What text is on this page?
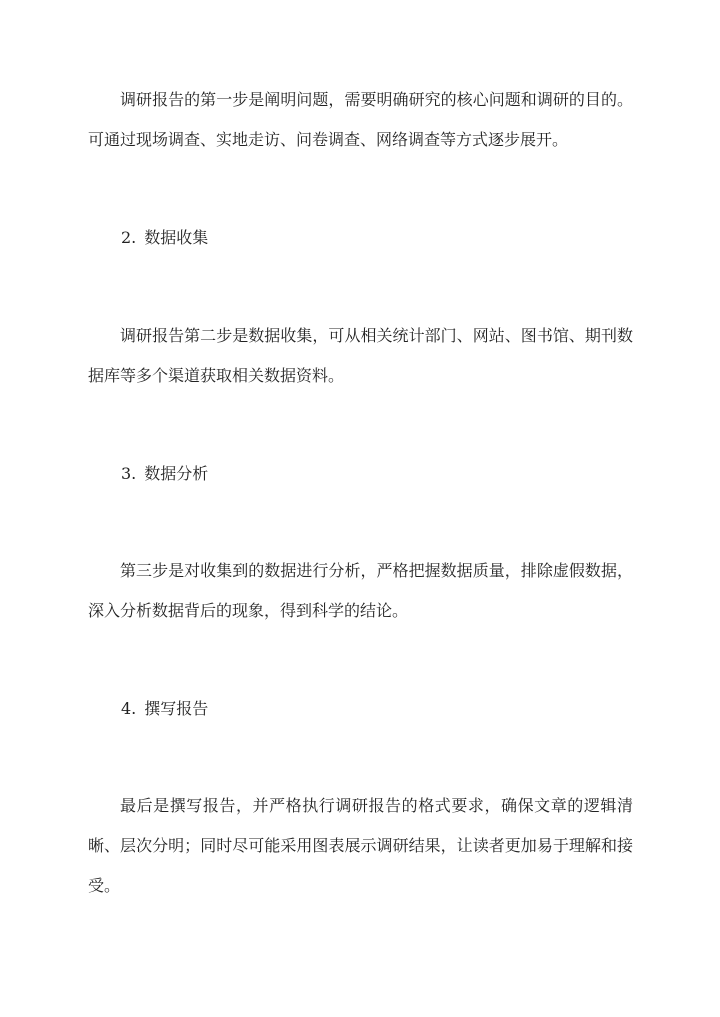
调研报告的第一步是阐明问题，需要明确研究的核心问题和调研的目的。可通过现场调查、实地走访、问卷调查、网络调查等方式逐步展开。

2. 数据收集

调研报告第二步是数据收集，可从相关统计部门、网站、图书馆、期刊数据库等多个渠道获取相关数据资料。

3. 数据分析

第三步是对收集到的数据进行分析，严格把握数据质量，排除虚假数据，深入分析数据背后的现象，得到科学的结论。

4. 撰写报告

最后是撰写报告，并严格执行调研报告的格式要求，确保文章的逻辑清晰、层次分明；同时尽可能采用图表展示调研结果，让读者更加易于理解和接受。
